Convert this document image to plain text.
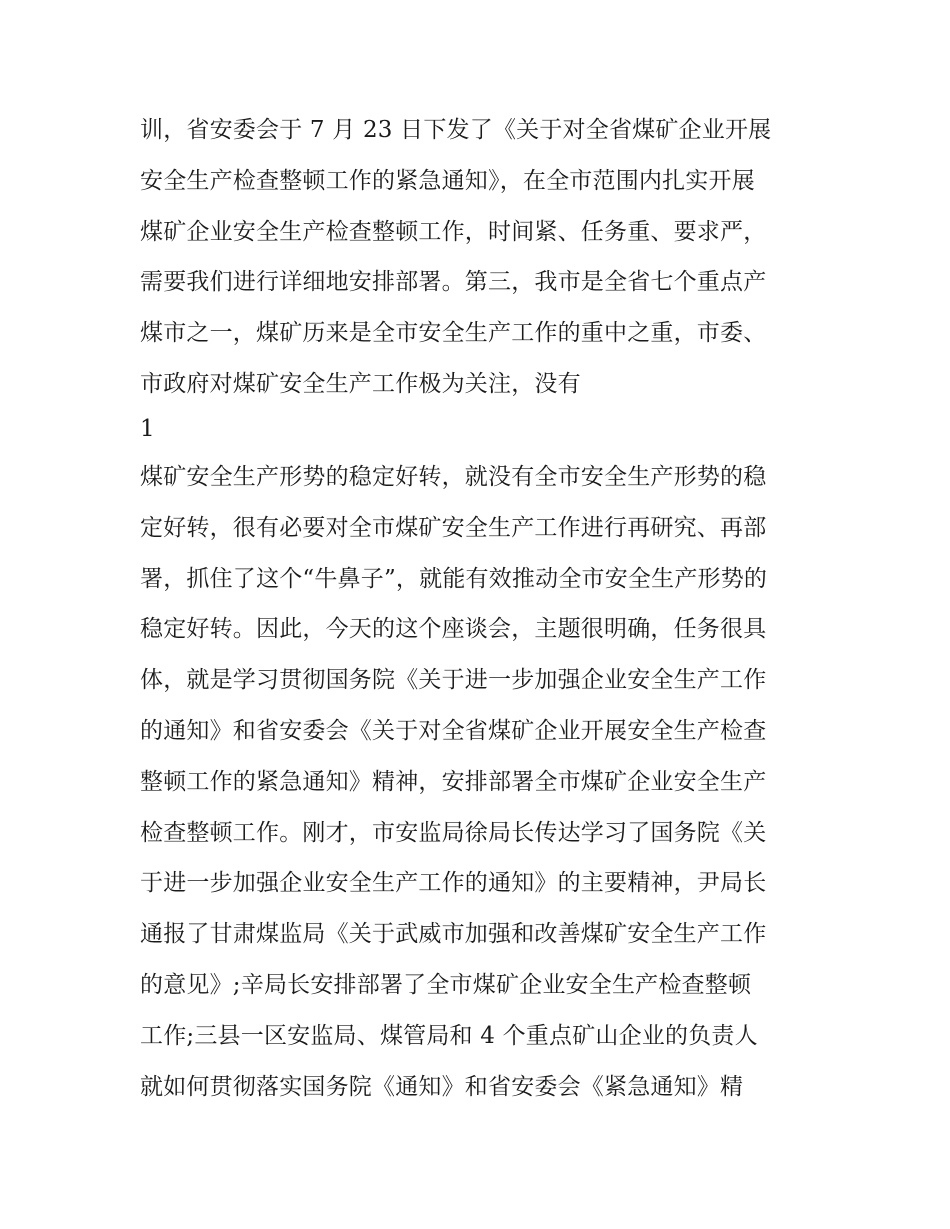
训，省安委会于 7 月 23 日下发了《关于对全省煤矿企业开展
安全生产检查整顿工作的紧急通知》，在全市范围内扎实开展
煤矿企业安全生产检查整顿工作，时间紧、任务重、要求严，
需要我们进行详细地安排部署。第三，我市是全省七个重点产
煤市之一，煤矿历来是全市安全生产工作的重中之重，市委、
市政府对煤矿安全生产工作极为关注，没有
1
煤矿安全生产形势的稳定好转，就没有全市安全生产形势的稳
定好转，很有必要对全市煤矿安全生产工作进行再研究、再部
署，抓住了这个“牛鼻子”，就能有效推动全市安全生产形势的
稳定好转。因此，今天的这个座谈会，主题很明确，任务很具
体，就是学习贯彻国务院《关于进一步加强企业安全生产工作
的通知》和省安委会《关于对全省煤矿企业开展安全生产检查
整顿工作的紧急通知》精神，安排部署全市煤矿企业安全生产
检查整顿工作。刚才，市安监局徐局长传达学习了国务院《关
于进一步加强企业安全生产工作的通知》的主要精神，尹局长
通报了甘肃煤监局《关于武威市加强和改善煤矿安全生产工作
的意见》;辛局长安排部署了全市煤矿企业安全生产检查整顿
工作;三县一区安监局、煤管局和 4 个重点矿山企业的负责人
就如何贯彻落实国务院《通知》和省安委会《紧急通知》精
